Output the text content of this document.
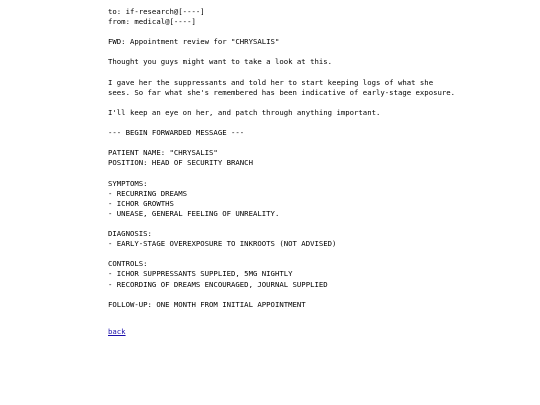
to: if-research@[----]
from: medical@[----]
FWD: Appointment review for "CHRYSALIS"
Thought you guys might want to take a look at this.
I gave her the suppressants and told her to start keeping logs of what she
sees. So far what she's remembered has been indicative of early-stage exposure.
I'll keep an eye on her, and patch through anything important.
--- BEGIN FORWARDED MESSAGE ---
PATIENT NAME: "CHRYSALIS"
POSITION: HEAD OF SECURITY BRANCH
SYMPTOMS:
- RECURRING DREAMS
- ICHOR GROWTHS
- UNEASE, GENERAL FEELING OF UNREALITY.
DIAGNOSIS:
- EARLY-STAGE OVEREXPOSURE TO INKROOTS (NOT ADVISED)
CONTROLS:
- ICHOR SUPPRESSANTS SUPPLIED, 5MG NIGHTLY
- RECORDING OF DREAMS ENCOURAGED, JOURNAL SUPPLIED
FOLLOW-UP: ONE MONTH FROM INITIAL APPOINTMENT
back
